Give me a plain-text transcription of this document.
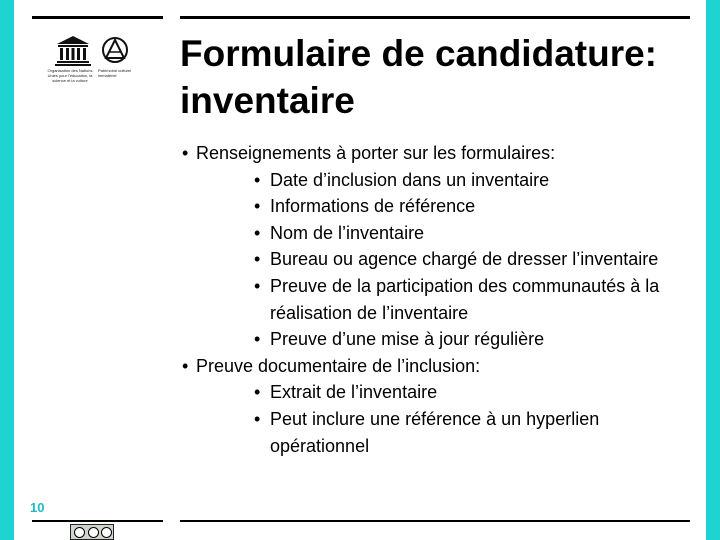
Organisation des Nations Unies pour l'éducation, la science et la culture
Patrimoine culturel immatériel
Formulaire de candidature: inventaire
• Renseignements à porter sur les formulaires:
• Date d’inclusion dans un inventaire
• Informations de référence
• Nom de l’inventaire
• Bureau ou agence chargé de dresser l’inventaire
• Preuve de la participation des communautés à la réalisation de l’inventaire
• Preuve d’une mise à jour régulière
• Preuve documentaire de l’inclusion:
• Extrait de l’inventaire
• Peut inclure une référence à un hyperlien opérationnel
10
